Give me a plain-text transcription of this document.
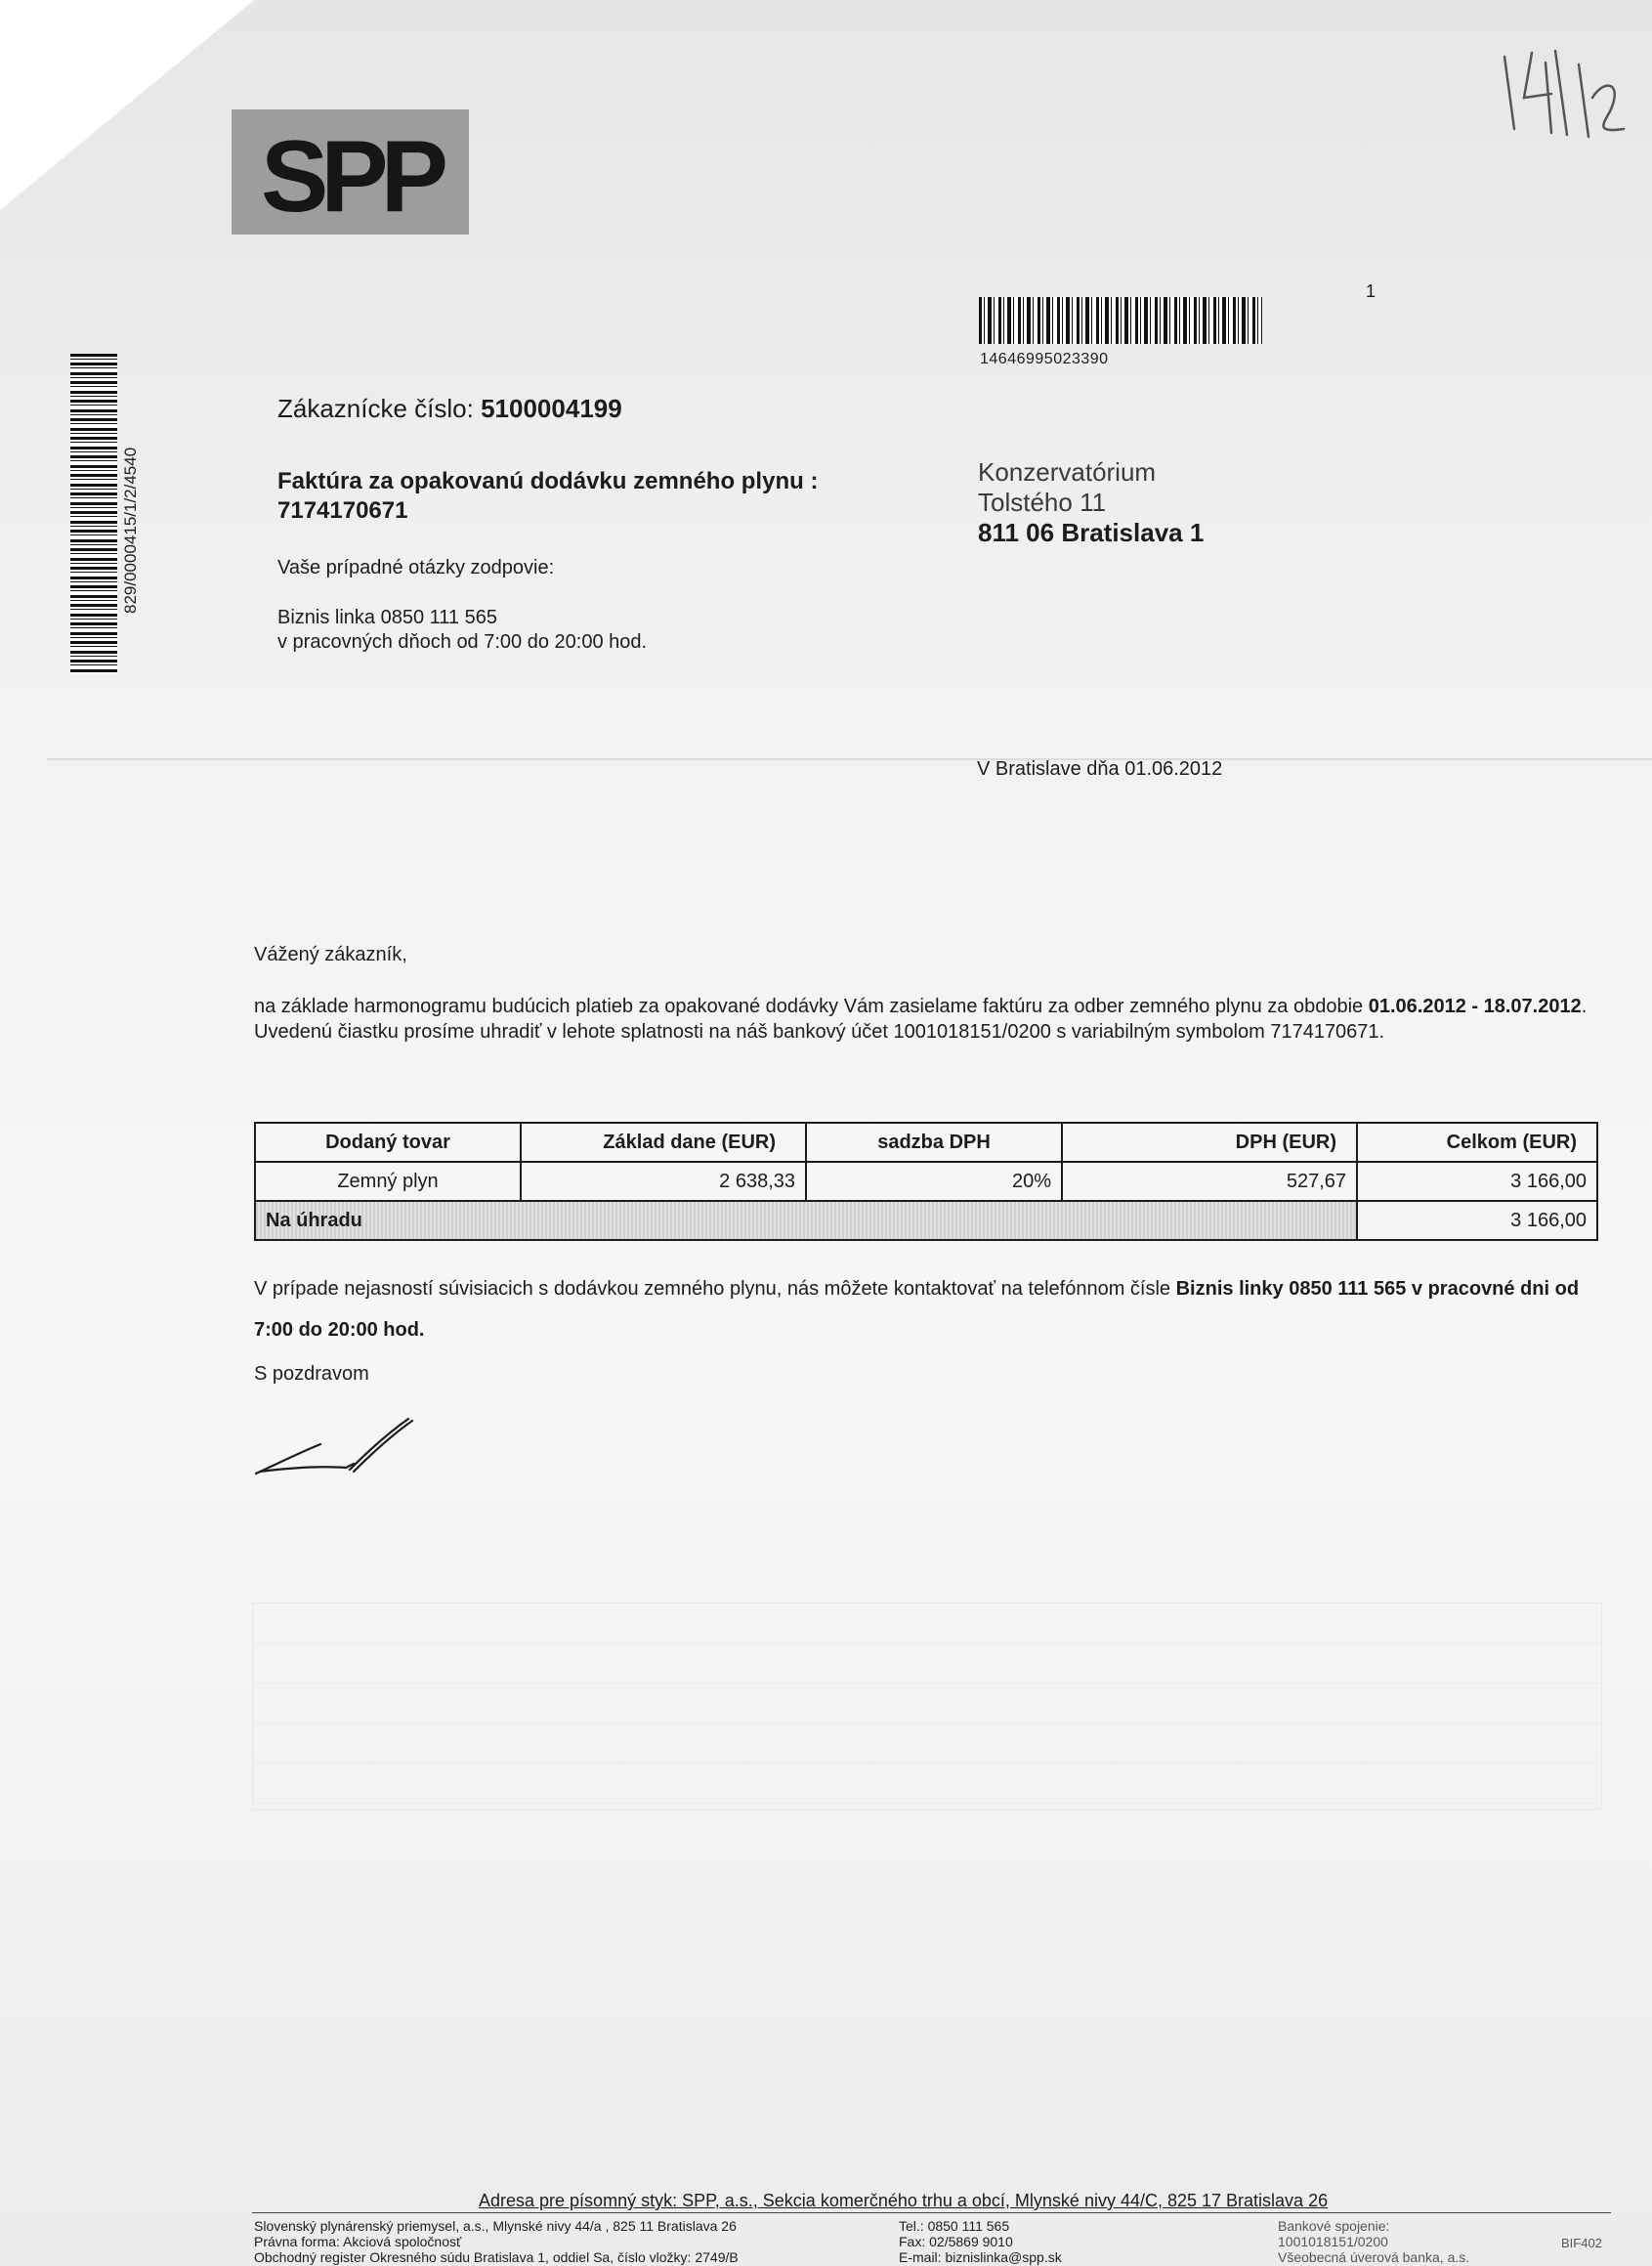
SPP
1
14646995023390
829/0000415/1/2/4540
Zákaznícke číslo: 5100004199
Faktúra za opakovanú dodávku zemného plynu :
7174170671
Vaše prípadné otázky zodpovie:
Biznis linka 0850 111 565
v pracovných dňoch od 7:00 do 20:00 hod.
Konzervatórium
Tolstého 11
811 06 Bratislava 1
V Bratislave dňa 01.06.2012
Vážený zákazník,
na základe harmonogramu budúcich platieb za opakované dodávky Vám zasielame faktúru za odber zemného plynu za obdobie 01.06.2012 - 18.07.2012.
Uvedenú čiastku prosíme uhradiť v lehote splatnosti na náš bankový účet 1001018151/0200 s variabilným symbolom 7174170671.
Dodaný tovar	Základ dane (EUR)	sadzba DPH	DPH (EUR)	Celkom (EUR)
Zemný plyn	2 638,33	20%	527,67	3 166,00
Na úhradu				3 166,00
V prípade nejasností súvisiacich s dodávkou zemného plynu, nás môžete kontaktovať na telefónnom čísle Biznis linky 0850 111 565 v pracovné dni od 7:00 do 20:00 hod.
S pozdravom
Adresa pre písomný styk: SPP, a.s., Sekcia komerčného trhu a obcí, Mlynské nivy 44/C, 825 17 Bratislava 26
Slovenský plynárenský priemysel, a.s., Mlynské nivy 44/a , 825 11 Bratislava 26
Právna forma: Akciová spoločnosť
Obchodný register Okresného súdu Bratislava 1, oddiel Sa, číslo vložky: 2749/B
Tel.: 0850 111 565
Fax: 02/5869 9010
E-mail: biznislinka@spp.sk
Bankové spojenie:
1001018151/0200
Všeobecná úverová banka, a.s.
BIF402
